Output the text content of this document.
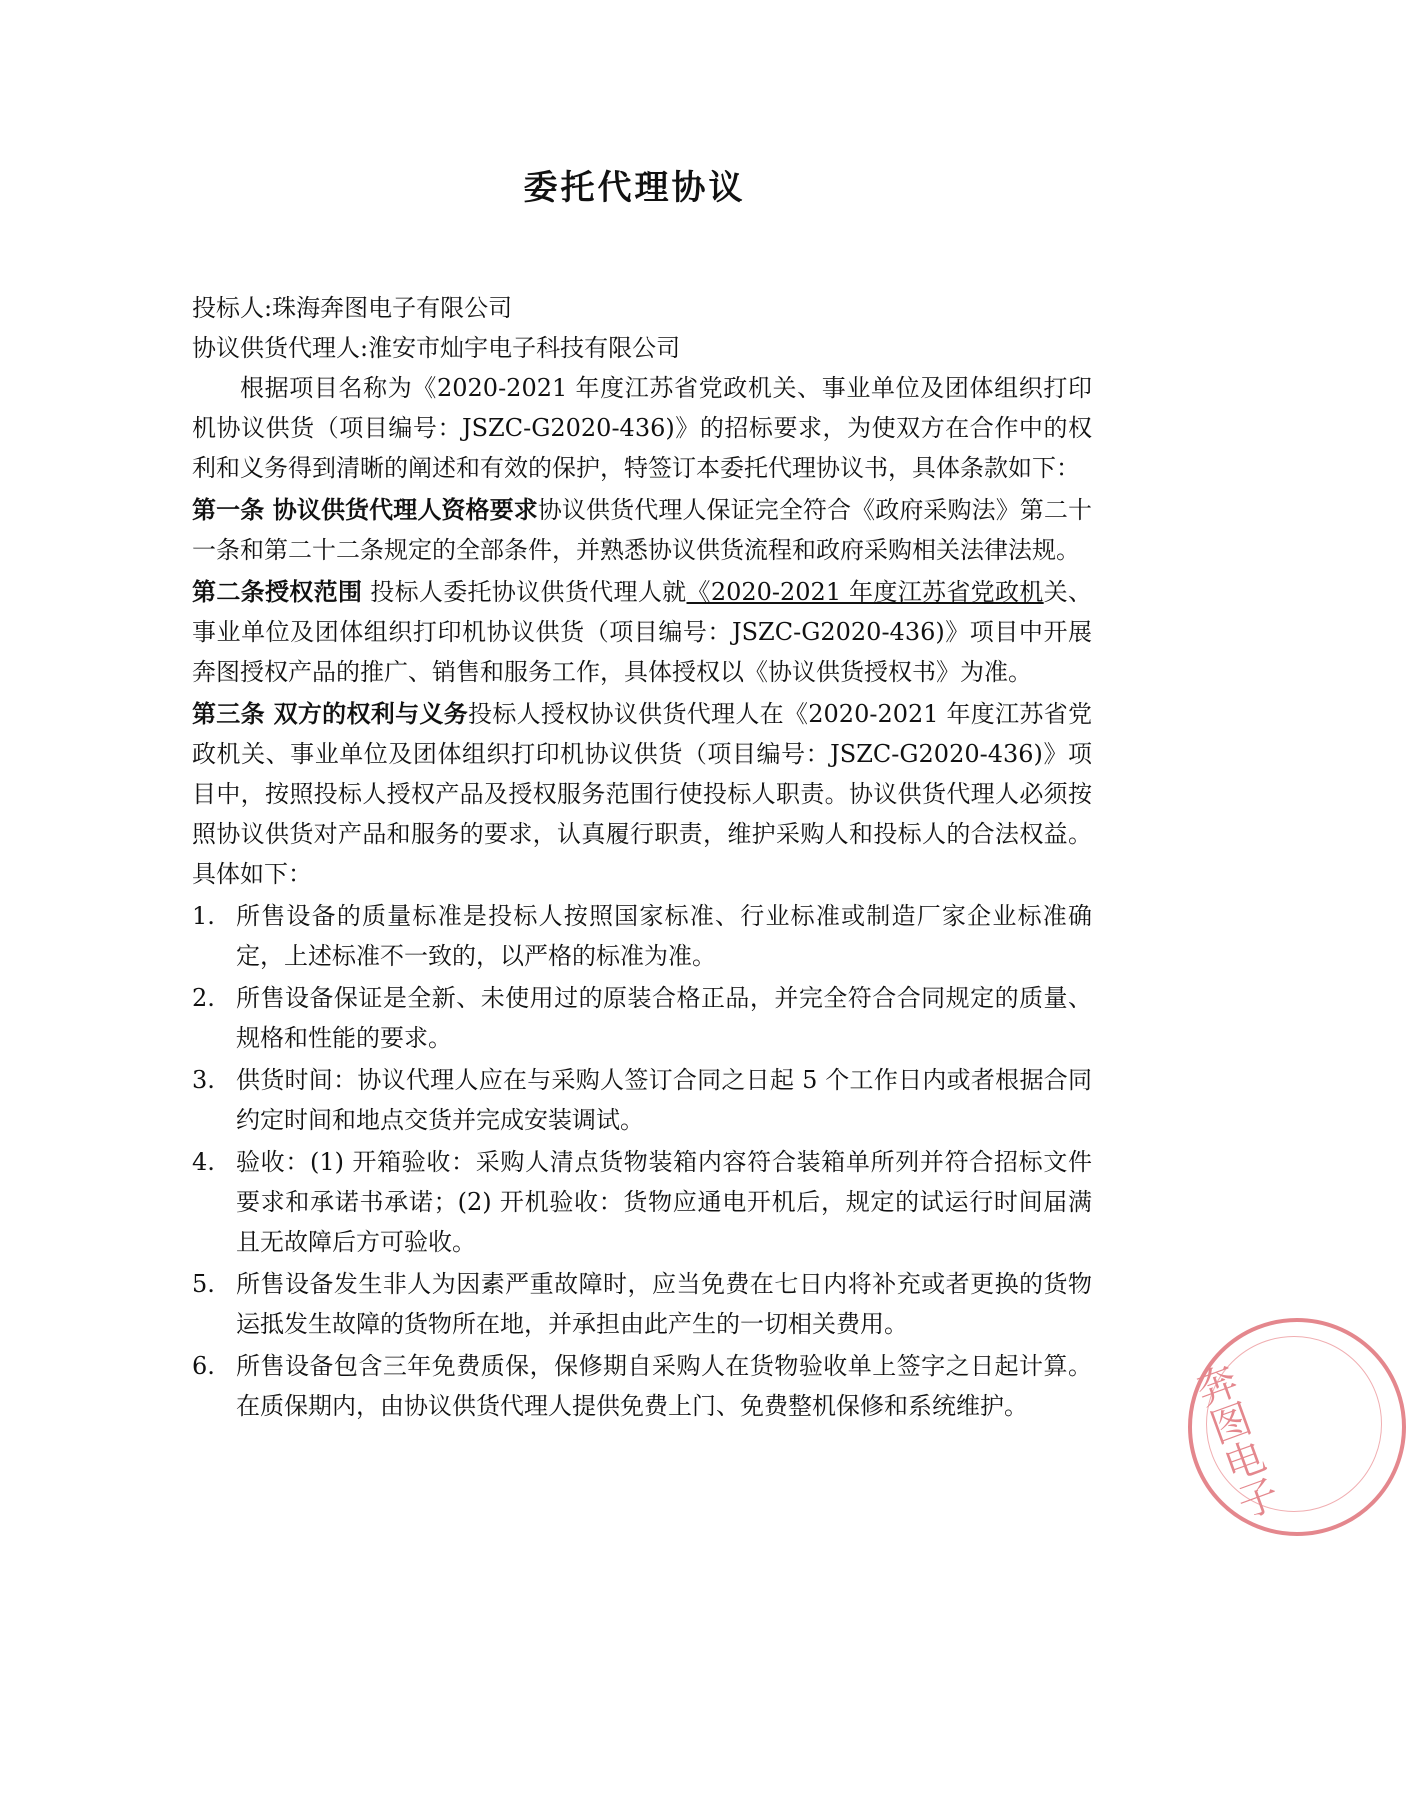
委托代理协议
投标人:珠海奔图电子有限公司
协议供货代理人:淮安市灿宇电子科技有限公司
根据项目名称为《2020-2021 年度江苏省党政机关、事业单位及团体组织打印机协议供货（项目编号：JSZC-G2020-436)》的招标要求，为使双方在合作中的权利和义务得到清晰的阐述和有效的保护，特签订本委托代理协议书，具体条款如下：
第一条 协议供货代理人资格要求协议供货代理人保证完全符合《政府采购法》第二十一条和第二十二条规定的全部条件，并熟悉协议供货流程和政府采购相关法律法规。
第二条授权范围 投标人委托协议供货代理人就《2020-2021 年度江苏省党政机关、事业单位及团体组织打印机协议供货（项目编号：JSZC-G2020-436)》项目中开展奔图授权产品的推广、销售和服务工作，具体授权以《协议供货授权书》为准。
第三条 双方的权利与义务投标人授权协议供货代理人在《2020-2021 年度江苏省党政机关、事业单位及团体组织打印机协议供货（项目编号：JSZC-G2020-436)》项目中，按照投标人授权产品及授权服务范围行使投标人职责。协议供货代理人必须按照协议供货对产品和服务的要求，认真履行职责，维护采购人和投标人的合法权益。具体如下：
1. 所售设备的质量标准是投标人按照国家标准、行业标准或制造厂家企业标准确定，上述标准不一致的，以严格的标准为准。
2. 所售设备保证是全新、未使用过的原装合格正品，并完全符合合同规定的质量、规格和性能的要求。
3. 供货时间：协议代理人应在与采购人签订合同之日起 5 个工作日内或者根据合同约定时间和地点交货并完成安装调试。
4. 验收：(1) 开箱验收：采购人清点货物装箱内容符合装箱单所列并符合招标文件要求和承诺书承诺；(2) 开机验收：货物应通电开机后，规定的试运行时间届满且无故障后方可验收。
5. 所售设备发生非人为因素严重故障时，应当免费在七日内将补充或者更换的货物运抵发生故障的货物所在地，并承担由此产生的一切相关费用。
6. 所售设备包含三年免费质保，保修期自采购人在货物验收单上签字之日起计算。在质保期内，由协议供货代理人提供免费上门、免费整机保修和系统维护。	奔图电子
